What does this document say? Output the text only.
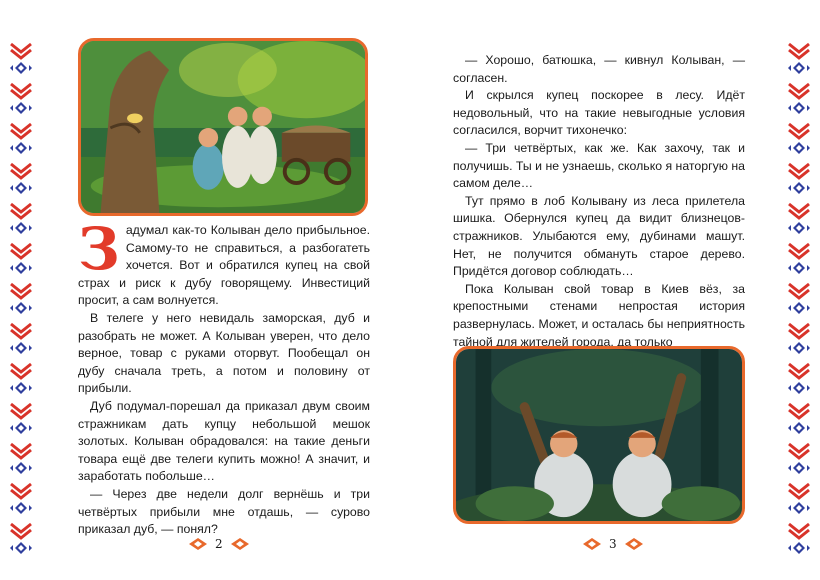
Задумал как-то Колыван дело прибыльное. Самому-то не справиться, а разбогатеть хочется. Вот и обратился купец на свой страх и риск к дубу говорящему. Инвестиций просит, а сам волнуется.

В телеге у него невидаль заморская, дуб и разобрать не может. А Колыван уверен, что дело верное, товар с руками оторвут. Пообещал он дубу сначала треть, а потом и половину от прибыли.

Дуб подумал-порешал да приказал двум своим стражникам дать купцу небольшой мешок золотых. Колыван обрадовался: на такие деньги товара ещё две телеги купить можно! А значит, и заработать побольше…

— Через две недели долг вернёшь и три четвёртых прибыли мне отдашь, — сурово приказал дуб, — понял?

2

— Хорошо, батюшка, — кивнул Колыван, — согласен.

И скрылся купец поскорее в лесу. Идёт недовольный, что на такие невыгодные условия согласился, ворчит тихонечко:

— Три четвёртых, как же. Как захочу, так и получишь. Ты и не узнаешь, сколько я наторгую на самом деле…

Тут прямо в лоб Колывану из леса прилетела шишка. Обернулся купец да видит близнецов-стражников. Улыбаются ему, дубинами машут. Нет, не получится обмануть старое дерево. Придётся договор соблюдать…

Пока Колыван свой товар в Киев вёз, за крепостными стенами непростая история развернулась. Может, и осталась бы неприятность тайной для жителей города, да только

3
